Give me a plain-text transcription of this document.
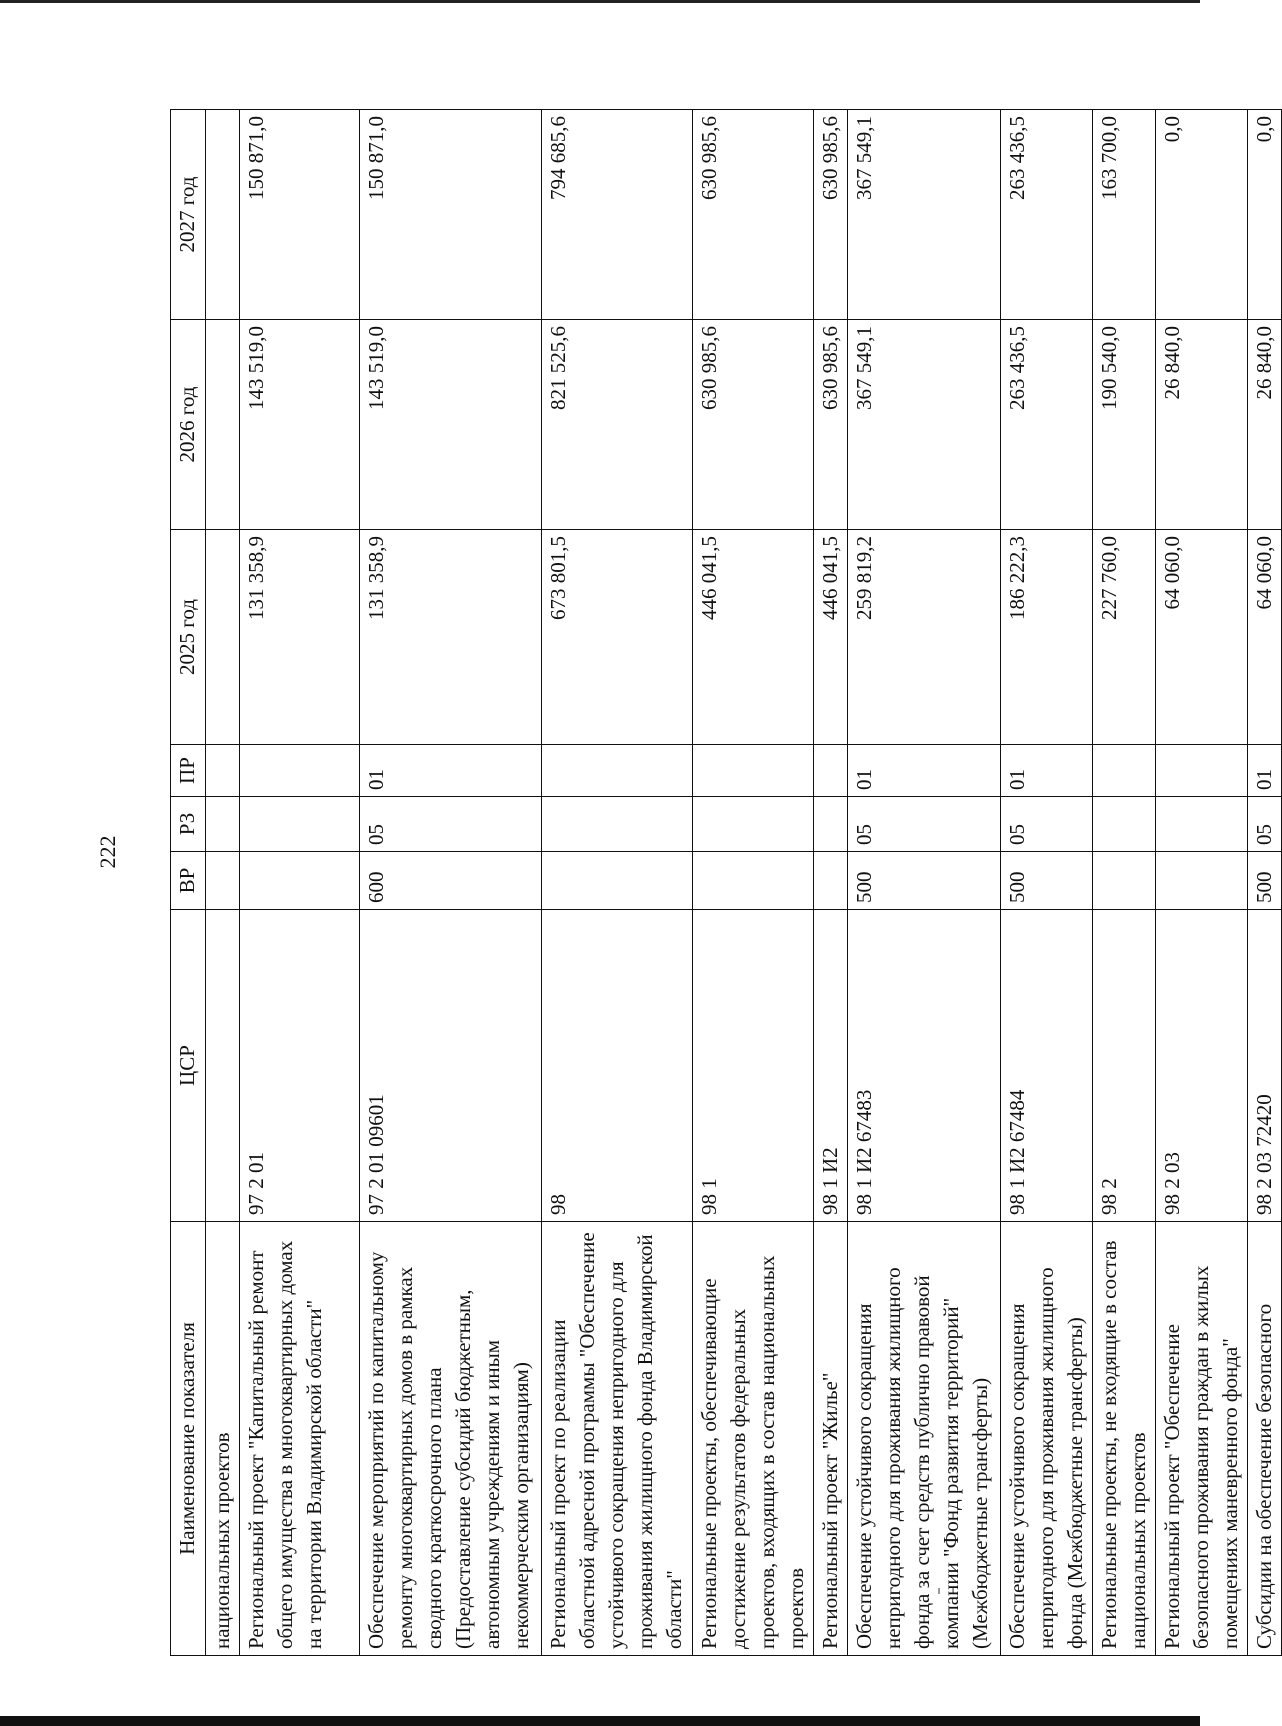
222
Наименование показателя	ЦСР	ВР	РЗ	ПР	2025 год	2026 год	2027 год
национальных проектов							
Региональный проект "Капитальный ремонт общего имущества в многоквартирных домах на территории Владимирской области"	97 2 01				131 358,9	143 519,0	150 871,0
Обеспечение мероприятий по капитальному ремонту многоквартирных домов в рамках сводного краткосрочного плана (Предоставление субсидий бюджетным, автономным учреждениям и иным некоммерческим организациям)	97 2 01 09601	600	05	01	131 358,9	143 519,0	150 871,0
Региональный проект по реализации областной адресной программы "Обеспечение устойчивого сокращения непригодного для проживания жилищного фонда Владимирской области"	98				673 801,5	821 525,6	794 685,6
Региональные проекты, обеспечивающие достижение результатов федеральных проектов, входящих в состав национальных проектов	98 1				446 041,5	630 985,6	630 985,6
Региональный проект "Жилье"	98 1 И2				446 041,5	630 985,6	630 985,6
Обеспечение устойчивого сокращения непригодного для проживания жилищного фонда за счет средств публично правовой компании "Фонд развития территорий" (Межбюджетные трансферты)	98 1 И2 67483	500	05	01	259 819,2	367 549,1	367 549,1
Обеспечение устойчивого сокращения непригодного для проживания жилищного фонда (Межбюджетные трансферты)	98 1 И2 67484	500	05	01	186 222,3	263 436,5	263 436,5
Региональные проекты, не входящие в состав национальных проектов	98 2				227 760,0	190 540,0	163 700,0
Региональный проект "Обеспечение безопасного проживания граждан в жилых помещениях маневренного фонда"	98 2 03				64 060,0	26 840,0	0,0
Субсидии на обеспечение безопасного	98 2 03 72420	500	05	01	64 060,0	26 840,0	0,0
